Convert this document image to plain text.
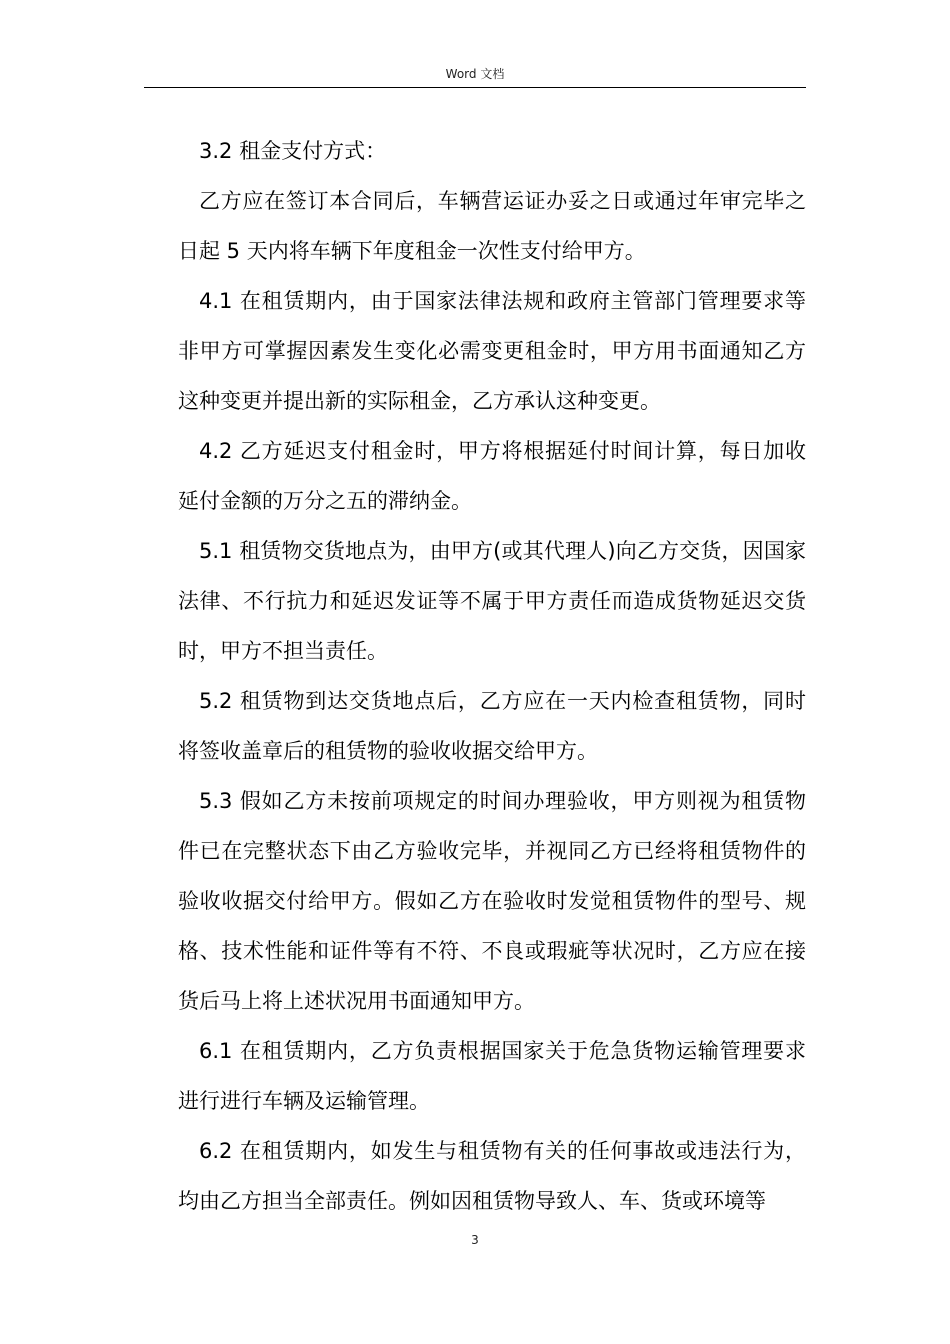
Word 文档

3.2 租金支付方式：

乙方应在签订本合同后，车辆营运证办妥之日或通过年审完毕之日起 5 天内将车辆下年度租金一次性支付给甲方。

4.1 在租赁期内，由于国家法律法规和政府主管部门管理要求等非甲方可掌握因素发生变化必需变更租金时，甲方用书面通知乙方这种变更并提出新的实际租金，乙方承认这种变更。

4.2 乙方延迟支付租金时，甲方将根据延付时间计算，每日加收延付金额的万分之五的滞纳金。

5.1 租赁物交货地点为，由甲方(或其代理人)向乙方交货，因国家法律、不行抗力和延迟发证等不属于甲方责任而造成货物延迟交货时，甲方不担当责任。

5.2 租赁物到达交货地点后，乙方应在一天内检查租赁物，同时将签收盖章后的租赁物的验收收据交给甲方。

5.3 假如乙方未按前项规定的时间办理验收，甲方则视为租赁物件已在完整状态下由乙方验收完毕，并视同乙方已经将租赁物件的验收收据交付给甲方。假如乙方在验收时发觉租赁物件的型号、规格、技术性能和证件等有不符、不良或瑕疵等状况时，乙方应在接货后马上将上述状况用书面通知甲方。

6.1 在租赁期内，乙方负责根据国家关于危急货物运输管理要求进行进行车辆及运输管理。

6.2 在租赁期内，如发生与租赁物有关的任何事故或违法行为，均由乙方担当全部责任。例如因租赁物导致人、车、货或环境等

3
